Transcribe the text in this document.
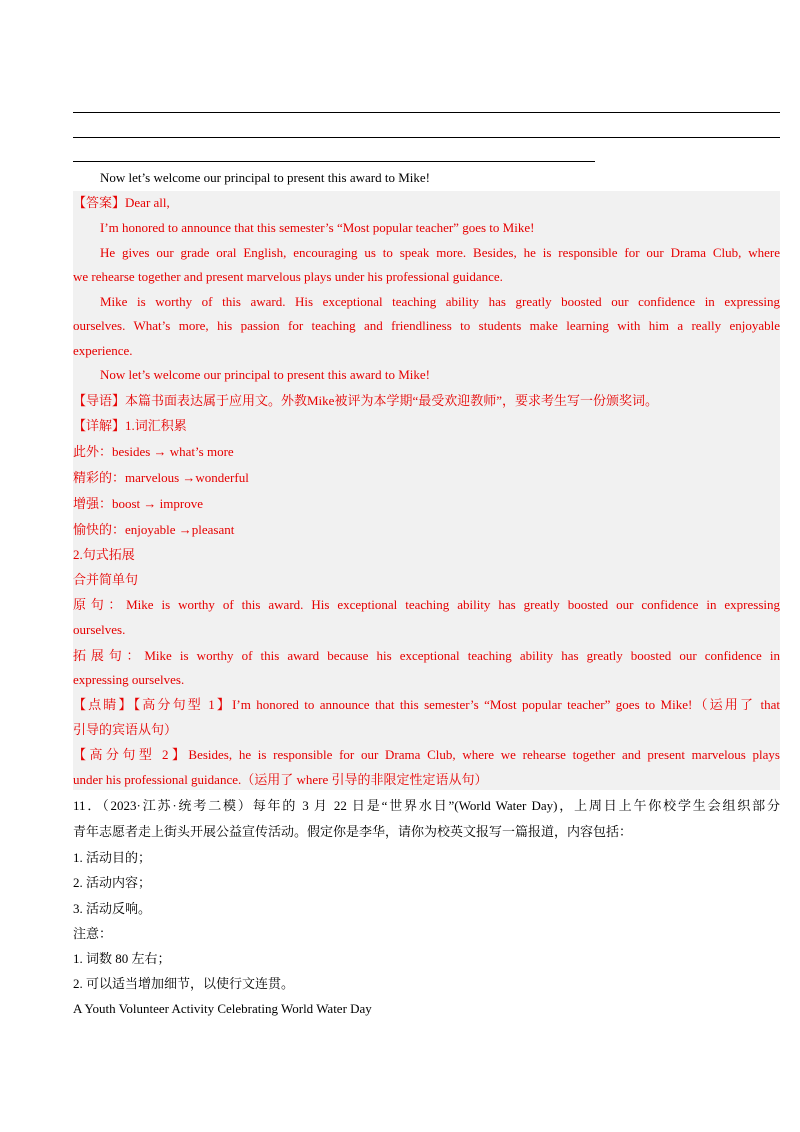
Now let’s welcome our principal to present this award to Mike!
【答案】Dear all,
I’m honored to announce that this semester’s “Most popular teacher” goes to Mike!
He gives our grade oral English, encouraging us to speak more. Besides, he is responsible for our Drama Club, where
we rehearse together and present marvelous plays under his professional guidance.
Mike is worthy of this award. His exceptional teaching ability has greatly boosted our confidence in expressing
ourselves. What’s more, his passion for teaching and friendliness to students make learning with him a really enjoyable
experience.
Now let’s welcome our principal to present this award to Mike!
【导语】本篇书面表达属于应用文。外教Mike被评为本学期“最受欢迎教师”，要求考生写一份颁奖词。
【详解】1.词汇积累
此外：besides → what’s more
精彩的：marvelous →wonderful
增强：boost → improve
愉快的：enjoyable →pleasant
2.句式拓展
合并简单句
原句：Mike is worthy of this award. His exceptional teaching ability has greatly boosted our confidence in expressing
ourselves.
拓展句：Mike is worthy of this award because his exceptional teaching ability has greatly boosted our confidence in
expressing ourselves.
【点睛】【高分句型 1】I’m honored to announce that this semester’s “Most popular teacher” goes to Mike!（运用了 that
引导的宾语从句）
【高分句型 2】Besides, he is responsible for our Drama Club, where we rehearse together and present marvelous plays
under his professional guidance.（运用了 where 引导的非限定性定语从句）
11．（2023·江苏·统考二模）每年的 3 月 22 日是“世界水日”(World Water Day)，上周日上午你校学生会组织部分
青年志愿者走上街头开展公益宣传活动。假定你是李华，请你为校英文报写一篇报道，内容包括：
1. 活动目的；
2. 活动内容；
3. 活动反响。
注意：
1. 词数 80 左右；
2. 可以适当增加细节，以使行文连贯。
A Youth Volunteer Activity Celebrating World Water Day
